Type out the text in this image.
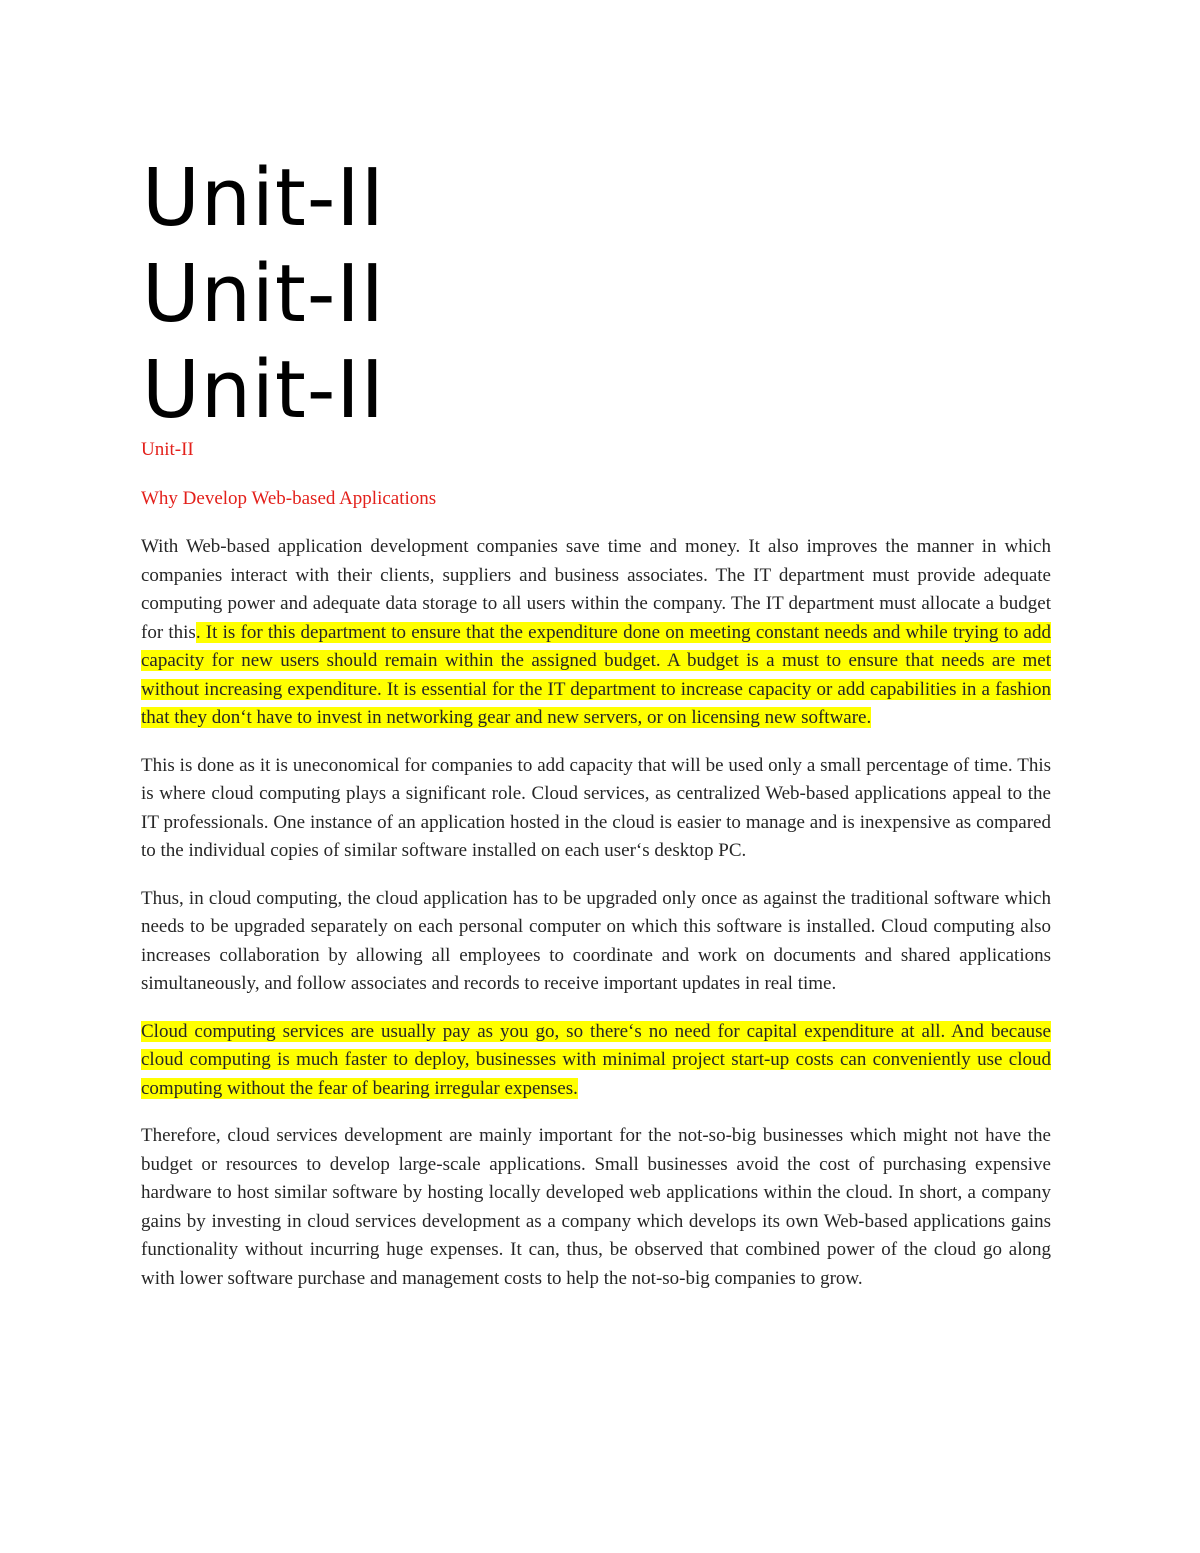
Unit-II
Unit-II
Unit-II
Unit-II
Why Develop Web-based Applications

With Web-based application development companies save time and money. It also improves the manner in which companies interact with their clients, suppliers and business associates. The IT department must provide adequate computing power and adequate data storage to all users within the company. The IT department must allocate a budget for this. It is for this department to ensure that the expenditure done on meeting constant needs and while trying to add capacity for new users should remain within the assigned budget. A budget is a must to ensure that needs are met without increasing expenditure. It is essential for the IT department to increase capacity or add capabilities in a fashion that they don‘t have to invest in networking gear and new servers, or on licensing new software.

This is done as it is uneconomical for companies to add capacity that will be used only a small percentage of time. This is where cloud computing plays a significant role. Cloud services, as centralized Web-based applications appeal to the IT professionals. One instance of an application hosted in the cloud is easier to manage and is inexpensive as compared to the individual copies of similar software installed on each user‘s desktop PC.

Thus, in cloud computing, the cloud application has to be upgraded only once as against the traditional software which needs to be upgraded separately on each personal computer on which this software is installed. Cloud computing also increases collaboration by allowing all employees to coordinate and work on documents and shared applications simultaneously, and follow associates and records to receive important updates in real time.

Cloud computing services are usually pay as you go, so there‘s no need for capital expenditure at all. And because cloud computing is much faster to deploy, businesses with minimal project start-up costs can conveniently use cloud computing without the fear of bearing irregular expenses.

Therefore, cloud services development are mainly important for the not-so-big businesses which might not have the budget or resources to develop large-scale applications. Small businesses avoid the cost of purchasing expensive hardware to host similar software by hosting locally developed web applications within the cloud. In short, a company gains by investing in cloud services development as a company which develops its own Web-based applications gains functionality without incurring huge expenses. It can, thus, be observed that combined power of the cloud go along with lower software purchase and management costs to help the not-so-big companies to grow.
